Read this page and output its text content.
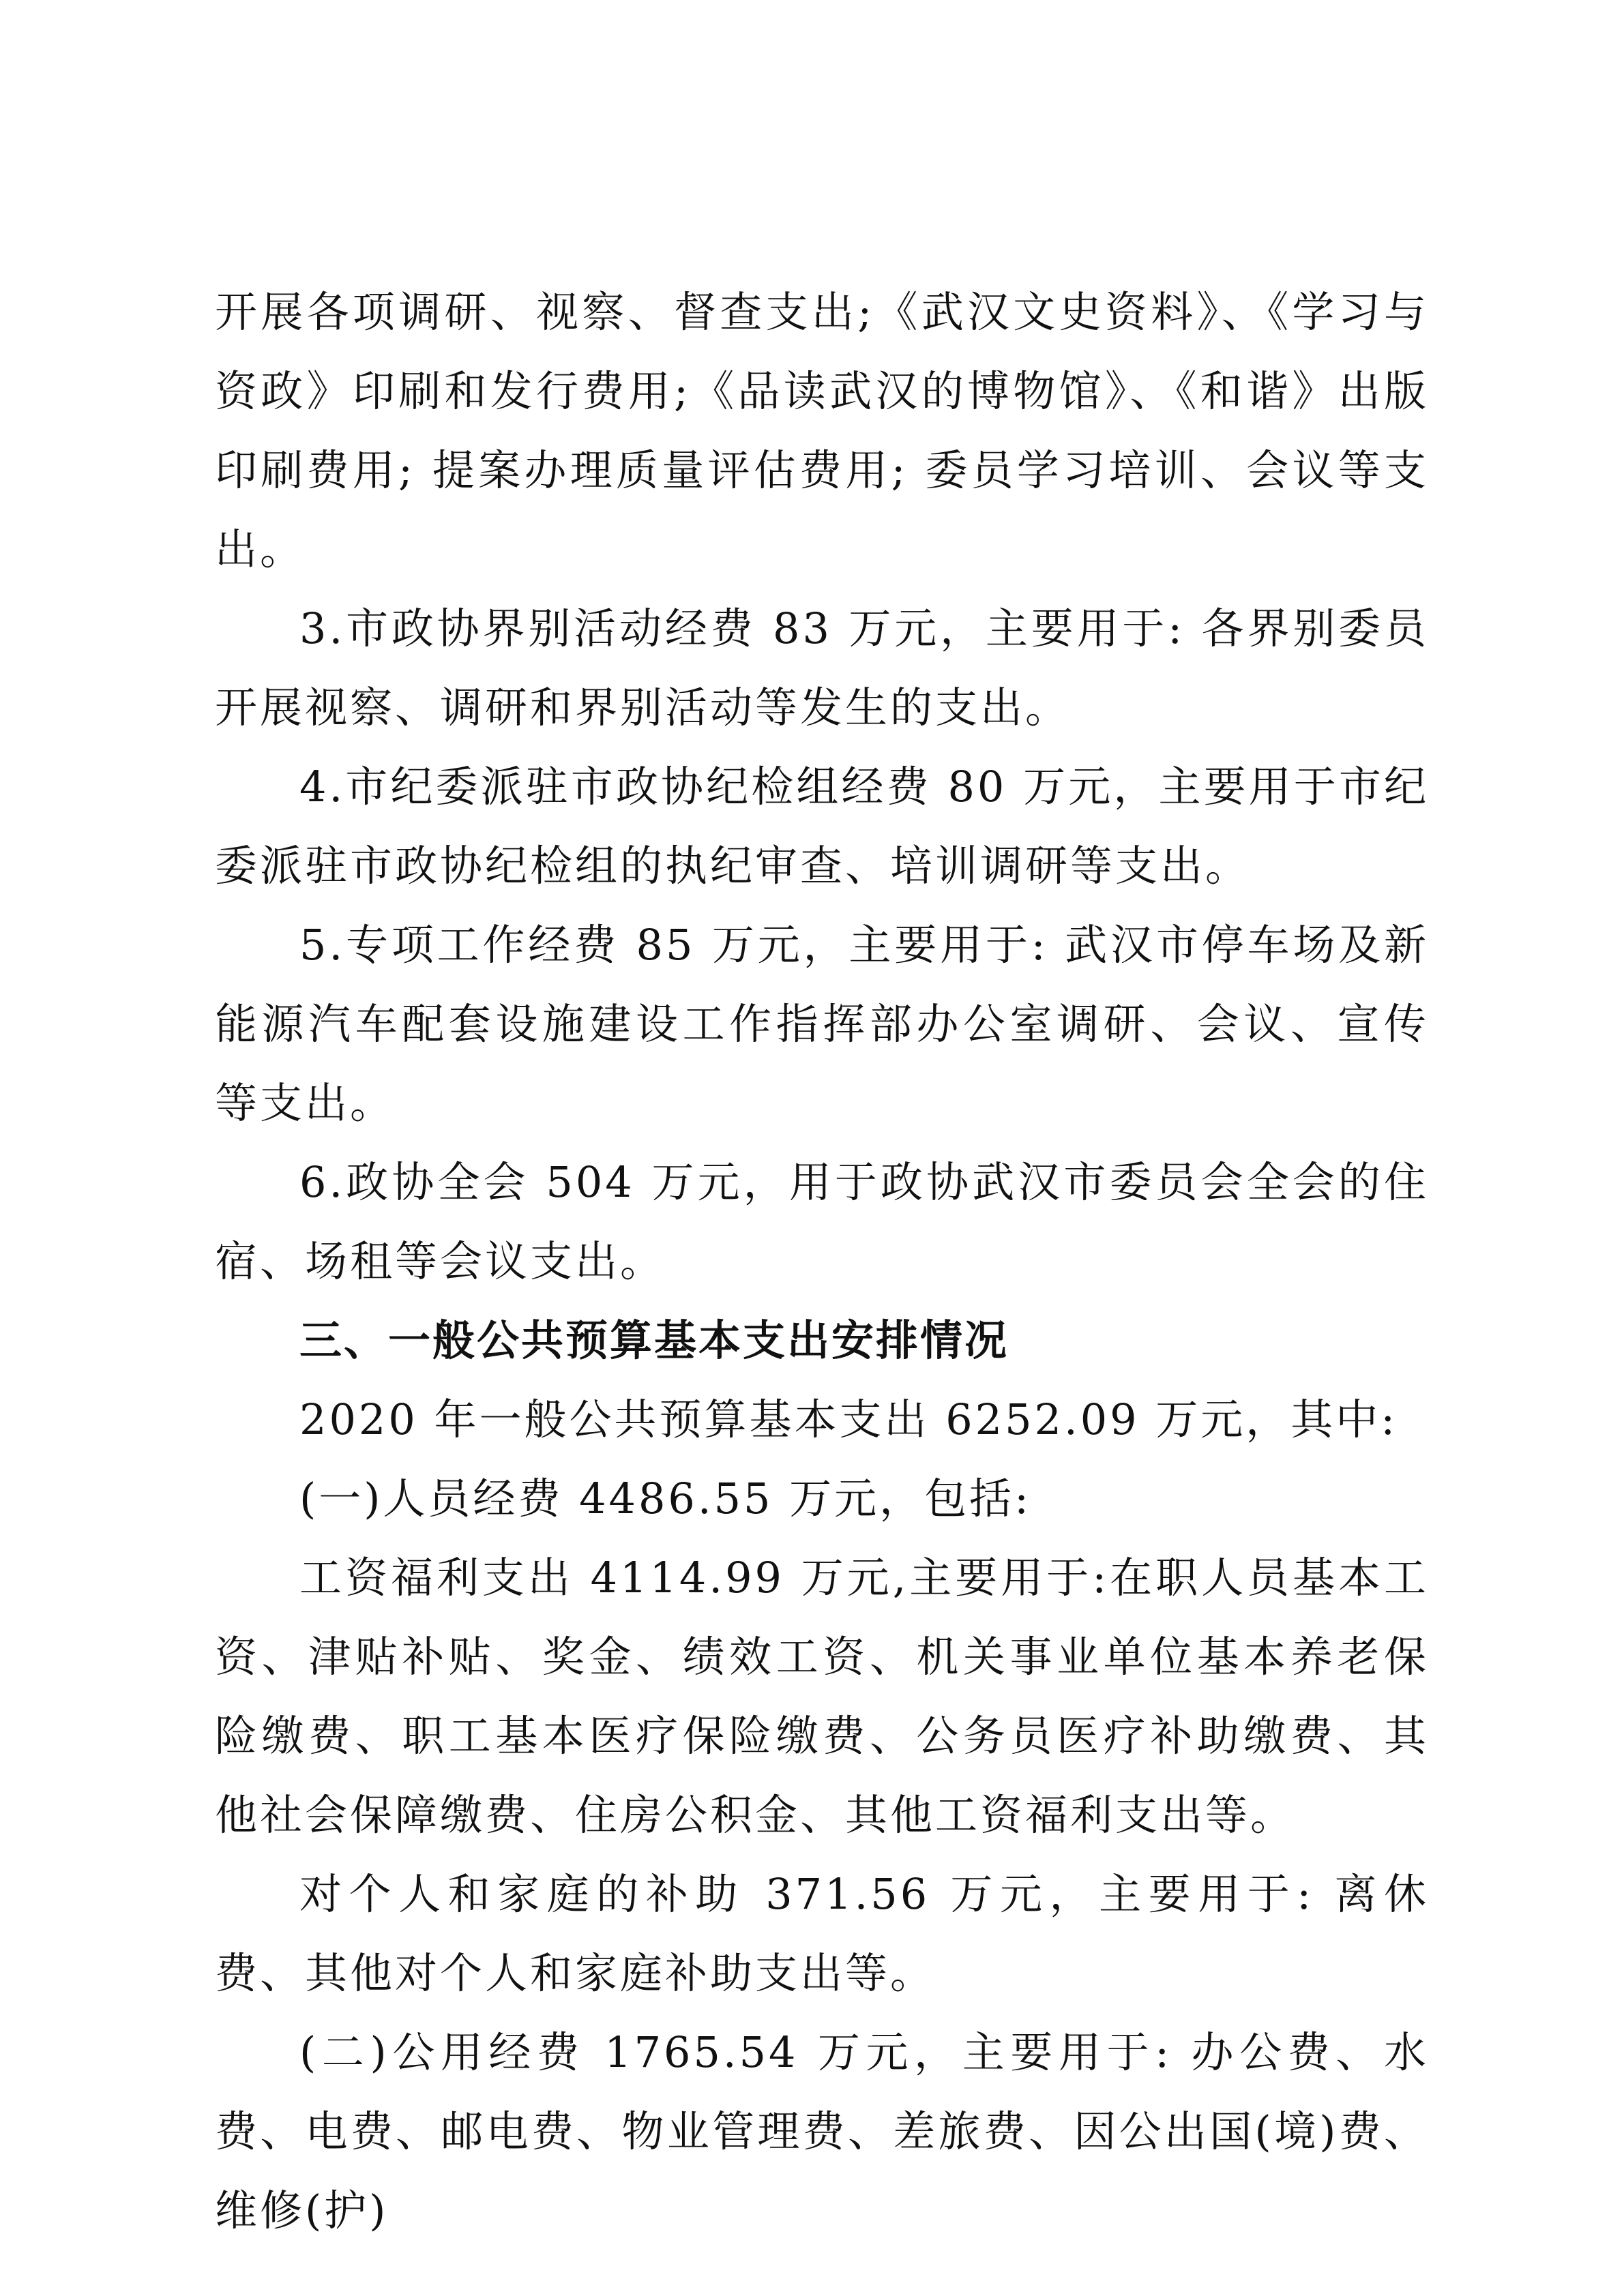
开展各项调研、视察、督查支出;《武汉文史资料》、《学习与资政》印刷和发行费用;《品读武汉的博物馆》、《和谐》出版印刷费用; 提案办理质量评估费用; 委员学习培训、会议等支出。

3.市政协界别活动经费 83 万元，主要用于: 各界别委员开展视察、调研和界别活动等发生的支出。

4.市纪委派驻市政协纪检组经费 80 万元，主要用于市纪委派驻市政协纪检组的执纪审查、培训调研等支出。

5.专项工作经费 85 万元，主要用于: 武汉市停车场及新能源汽车配套设施建设工作指挥部办公室调研、会议、宣传等支出。

6.政协全会 504 万元，用于政协武汉市委员会全会的住宿、场租等会议支出。

三、一般公共预算基本支出安排情况

2020 年一般公共预算基本支出 6252.09 万元，其中:

(一)人员经费 4486.55 万元，包括:

工资福利支出 4114.99 万元,主要用于:在职人员基本工资、津贴补贴、奖金、绩效工资、机关事业单位基本养老保险缴费、职工基本医疗保险缴费、公务员医疗补助缴费、其他社会保障缴费、住房公积金、其他工资福利支出等。

对个人和家庭的补助 371.56 万元，主要用于: 离休费、其他对个人和家庭补助支出等。

(二)公用经费 1765.54 万元，主要用于: 办公费、水费、电费、邮电费、物业管理费、差旅费、因公出国(境)费、维修(护)
